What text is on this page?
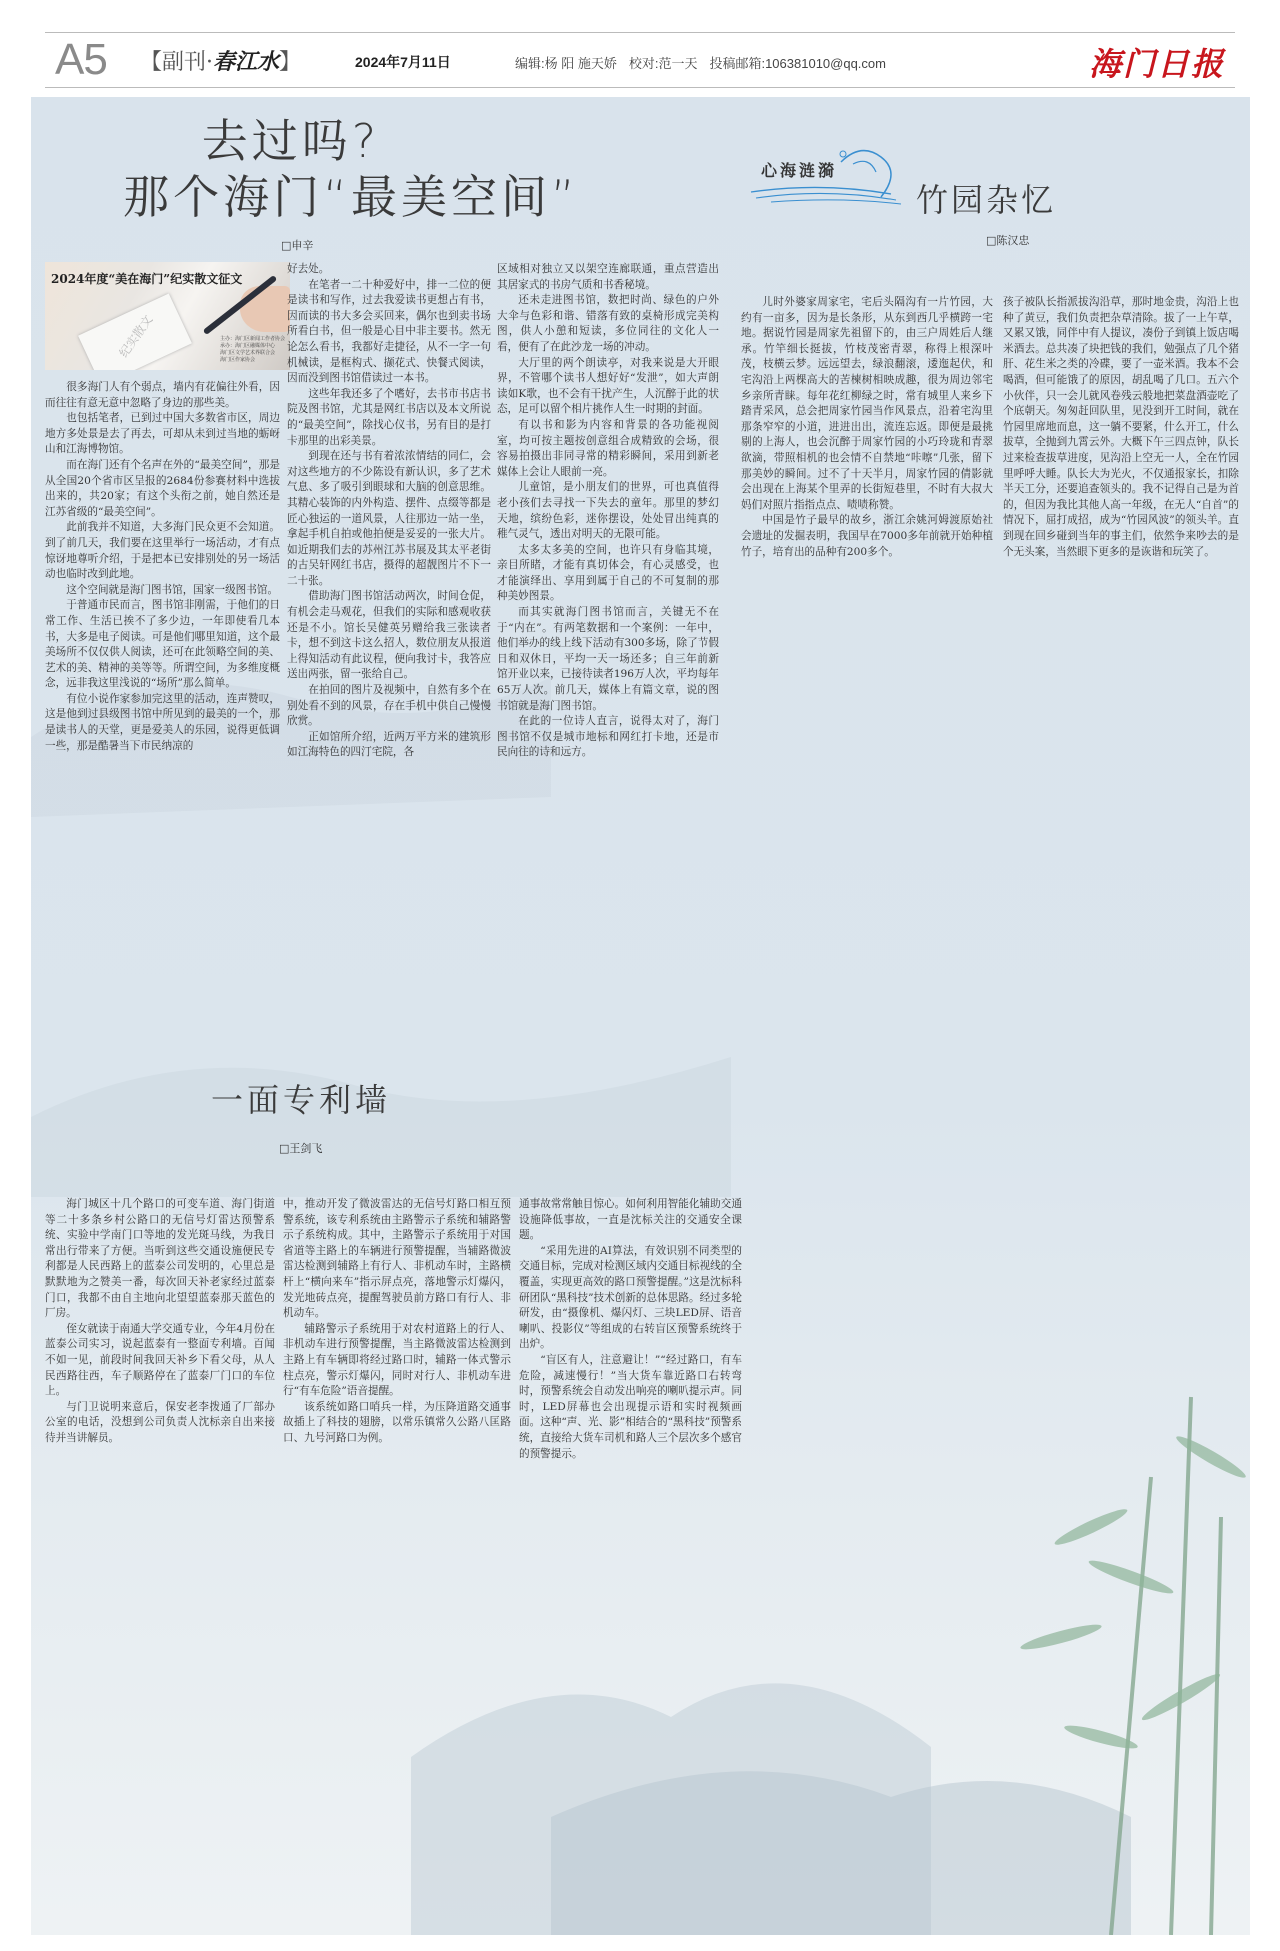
A5 【副刊·春江水】	2024年7月11日	编辑:杨 阳 施天娇 校对:范一天 投稿邮箱:106381010@qq.com	海门日报
去过吗?
那个海门“最美空间”
□申辛
纪实散文
2024年度“美在海门”纪实散文征文
主办：海门区新闻工作者协会
承办：海门区融媒体中心
海门区文学艺术界联合会
海门区作家协会

很多海门人有个弱点，墙内有花偏往外看，因而往往有意无意中忽略了身边的那些美。

也包括笔者，已到过中国大多数省市区，周边地方多处景是去了再去，可却从未到过当地的蛎岈山和江海博物馆。

而在海门还有个名声在外的“最美空间”，那是从全国20个省市区呈报的2684份参赛材料中选拔出来的，共20家；有这个头衔之前，她自然还是江苏省级的“最美空间”。

此前我并不知道，大多海门民众更不会知道。到了前几天，我们要在这里举行一场活动，才有点惊讶地尊听介绍，于是把本已安排别处的另一场活动也临时改到此地。

这个空间就是海门图书馆，国家一级图书馆。

于普通市民而言，图书馆非刚需，于他们的日常工作、生活已挨不了多少边，一年即使看几本书，大多是电子阅读。可是他们哪里知道，这个最美场所不仅仅供人阅读，还可在此领略空间的美、艺术的美、精神的美等等。所谓空间，为多维度概念，远非我这里浅说的“场所”那么简单。

有位小说作家参加完这里的活动，连声赞叹，这是他到过县级图书馆中所见到的最美的一个，那是读书人的天堂，更是爱美人的乐园，说得更低调一些，那是酷暑当下市民纳凉的

好去处。

在笔者一二十种爱好中，排一二位的便是读书和写作，过去我爱读书更想占有书，因而读的书大多会买回来，偶尔也到卖书场所看白书，但一般是心目中非主要书。然无论怎么看书，我都好走捷径，从不一字一句机械读，是框构式、撷花式、快餐式阅读，因而没到图书馆借读过一本书。

这些年我还多了个嗜好，去书市书店书院及图书馆，尤其是网红书店以及本文所说的“最美空间”，除找心仪书，另有目的是打卡那里的出彩美景。

到现在还与书有着浓浓情结的同仁，会对这些地方的不少陈设有新认识，多了艺术气息、多了吸引到眼球和大脑的创意思维。其精心装饰的内外构造、摆件、点缀等都是匠心独运的一道风景，人往那边一站一坐，拿起手机自拍或他拍便是妥妥的一张大片。如近期我们去的苏州江苏书展及其太平老街的古吴轩网红书店，摄得的超靓图片不下一二十张。

借助海门图书馆活动两次，时间仓促，有机会走马观花，但我们的实际和感观收获还是不小。馆长吴健英另赠给我三张读者卡，想不到这卡这么招人，数位朋友从报道上得知活动有此议程，便向我讨卡，我答应送出两张，留一张给自己。

在拍回的图片及视频中，自然有多个在别处看不到的风景，存在手机中供自己慢慢欣赏。

正如馆所介绍，近两万平方米的建筑形如江海特色的四汀宅院，各

区域相对独立又以架空连廊联通，重点营造出其居家式的书房气质和书香秘境。

还未走进图书馆，数把时尚、绿色的户外大伞与色彩和谐、错落有致的桌椅形成完美构图，供人小憩和短读，多位同往的文化人一看，便有了在此沙龙一场的冲动。

大厅里的两个朗读亭，对我来说是大开眼界，不管哪个读书人想好好“发泄”，如大声朗读如K歌，也不会有干扰产生，人沉醉于此的状态，足可以留个相片挑作人生一时期的封面。

有以书和影为内容和背景的各功能视阅室，均可按主题按创意组合成精致的会场，很容易拍摄出非同寻常的精彩瞬间，采用到新老媒体上会让人眼前一亮。

儿童馆，是小朋友们的世界，可也真值得老小孩们去寻找一下失去的童年。那里的梦幻天地，缤纷色彩，迷你摆设，处处冒出纯真的稚气灵气，透出对明天的无限可能。

太多太多美的空间，也许只有身临其境，亲目所睹，才能有真切体会，有心灵感受，也才能演绎出、享用到属于自己的不可复制的那种美妙图景。

而其实就海门图书馆而言，关键无不在于“内在”。有两笔数据和一个案例：一年中，他们举办的线上线下活动有300多场，除了节假日和双休日，平均一天一场还多；自三年前新馆开业以来，已接待读者196万人次，平均每年65万人次。前几天，媒体上有篇文章，说的图书馆就是海门图书馆。

在此的一位诗人直言，说得太对了，海门图书馆不仅是城市地标和网红打卡地，还是市民向往的诗和远方。

心海涟漪
竹园杂忆
□陈汉忠

儿时外婆家周家宅，宅后头隔沟有一片竹园，大约有一亩多，因为是长条形，从东到西几乎横跨一宅地。据说竹园是周家先祖留下的，由三户周姓后人继承。竹竿细长挺拔，竹枝茂密青翠，称得上根深叶茂，枝横云梦。远远望去，绿浪翻滚，逶迤起伏，和宅沟沿上两棵高大的苦楝树相映成趣，很为周边邻宅乡亲所青睐。每年花红柳绿之时，常有城里人来乡下踏青采风，总会把周家竹园当作风景点，沿着宅沟里那条窄窄的小道，进进出出，流连忘返。即便是最挑剔的上海人，也会沉醉于周家竹园的小巧玲珑和青翠欲滴，带照相机的也会情不自禁地“咔嚓”几张，留下那美妙的瞬间。过不了十天半月，周家竹园的倩影就会出现在上海某个里弄的长街短巷里，不时有大叔大妈们对照片指指点点、啧啧称赞。

中国是竹子最早的故乡，浙江余姚河姆渡原始社会遗址的发掘表明，我国早在7000多年前就开始种植竹子，培育出的品种有200多个。

孩子被队长指派拔沟沿草，那时地金贵，沟沿上也种了黄豆，我们负责把杂草清除。拔了一上午草，又累又饿，同伴中有人提议，凑份子到镇上饭店喝米酒去。总共凑了块把钱的我们，勉强点了几个猪肝、花生米之类的冷碟，要了一壶米酒。我本不会喝酒，但可能饿了的原因，胡乱喝了几口。五六个小伙伴，只一会儿就风卷残云般地把菜盘酒壶吃了个底朝天。匆匆赶回队里，见没到开工时间，就在竹园里席地而息，这一躺不要紧，什么开工，什么拔草，全抛到九霄云外。大概下午三四点钟，队长过来检查拔草进度，见沟沿上空无一人，全在竹园里呼呼大睡。队长大为光火，不仅通报家长，扣除半天工分，还要追查领头的。我不记得自己是为首的，但因为我比其他人高一年级，在无人“自首”的情况下，屈打成招，成为“竹园风波”的领头羊。直到现在回乡碰到当年的事主们，依然争来吵去的是个无头案，当然眼下更多的是诙谐和玩笑了。

一面专利墙
□王剑飞

海门城区十几个路口的可变车道、海门街道等二十多条乡村公路口的无信号灯雷达预警系统、实验中学南门口等地的发光斑马线，为我日常出行带来了方便。当听到这些交通设施便民专利都是人民西路上的蓝泰公司发明的，心里总是默默地为之赞美一番，每次回天补老家经过蓝泰门口，我都不由自主地向北望望蓝泰那天蓝色的厂房。

侄女就读于南通大学交通专业，今年4月份在蓝泰公司实习，说起蓝泰有一整面专利墙。百闻不如一见，前段时间我回天补乡下看父母，从人民西路往西，车子顺路停在了蓝泰厂门口的车位上。

与门卫说明来意后，保安老李拨通了厂部办公室的电话，没想到公司负责人沈标亲自出来接待并当讲解员。

中，推动开发了微波雷达的无信号灯路口相互预警系统，该专利系统由主路警示子系统和辅路警示子系统构成。其中，主路警示子系统用于对国省道等主路上的车辆进行预警提醒，当辅路微波雷达检测到辅路上有行人、非机动车时，主路横杆上“横向来车”指示屏点亮，落地警示灯爆闪，发光地砖点亮，提醒驾驶员前方路口有行人、非机动车。

辅路警示子系统用于对农村道路上的行人、非机动车进行预警提醒，当主路微波雷达检测到主路上有车辆即将经过路口时，辅路一体式警示柱点亮，警示灯爆闪，同时对行人、非机动车进行“有车危险”语音提醒。

该系统如路口哨兵一样，为压降道路交通事故插上了科技的翅膀，以常乐镇常久公路八匡路口、九号河路口为例。

通事故常常触目惊心。如何利用智能化辅助交通设施降低事故，一直是沈标关注的交通安全课题。

“采用先进的AI算法，有效识别不同类型的交通目标，完成对检测区域内交通目标视线的全覆盖，实现更高效的路口预警提醒。”这是沈标科研团队“黑科技”技术创新的总体思路。经过多轮研发，由“摄像机、爆闪灯、三块LED屏、语音喇叭、投影仪”等组成的右转盲区预警系统终于出炉。

“盲区有人，注意避让！”“经过路口，有车危险，减速慢行！”当大货车靠近路口右转弯时，预警系统会自动发出响亮的喇叭提示声。同时，LED屏幕也会出现提示语和实时视频画面。这种“声、光、影”相结合的“黑科技”预警系统，直接给大货车司机和路人三个层次多个感官的预警提示。
